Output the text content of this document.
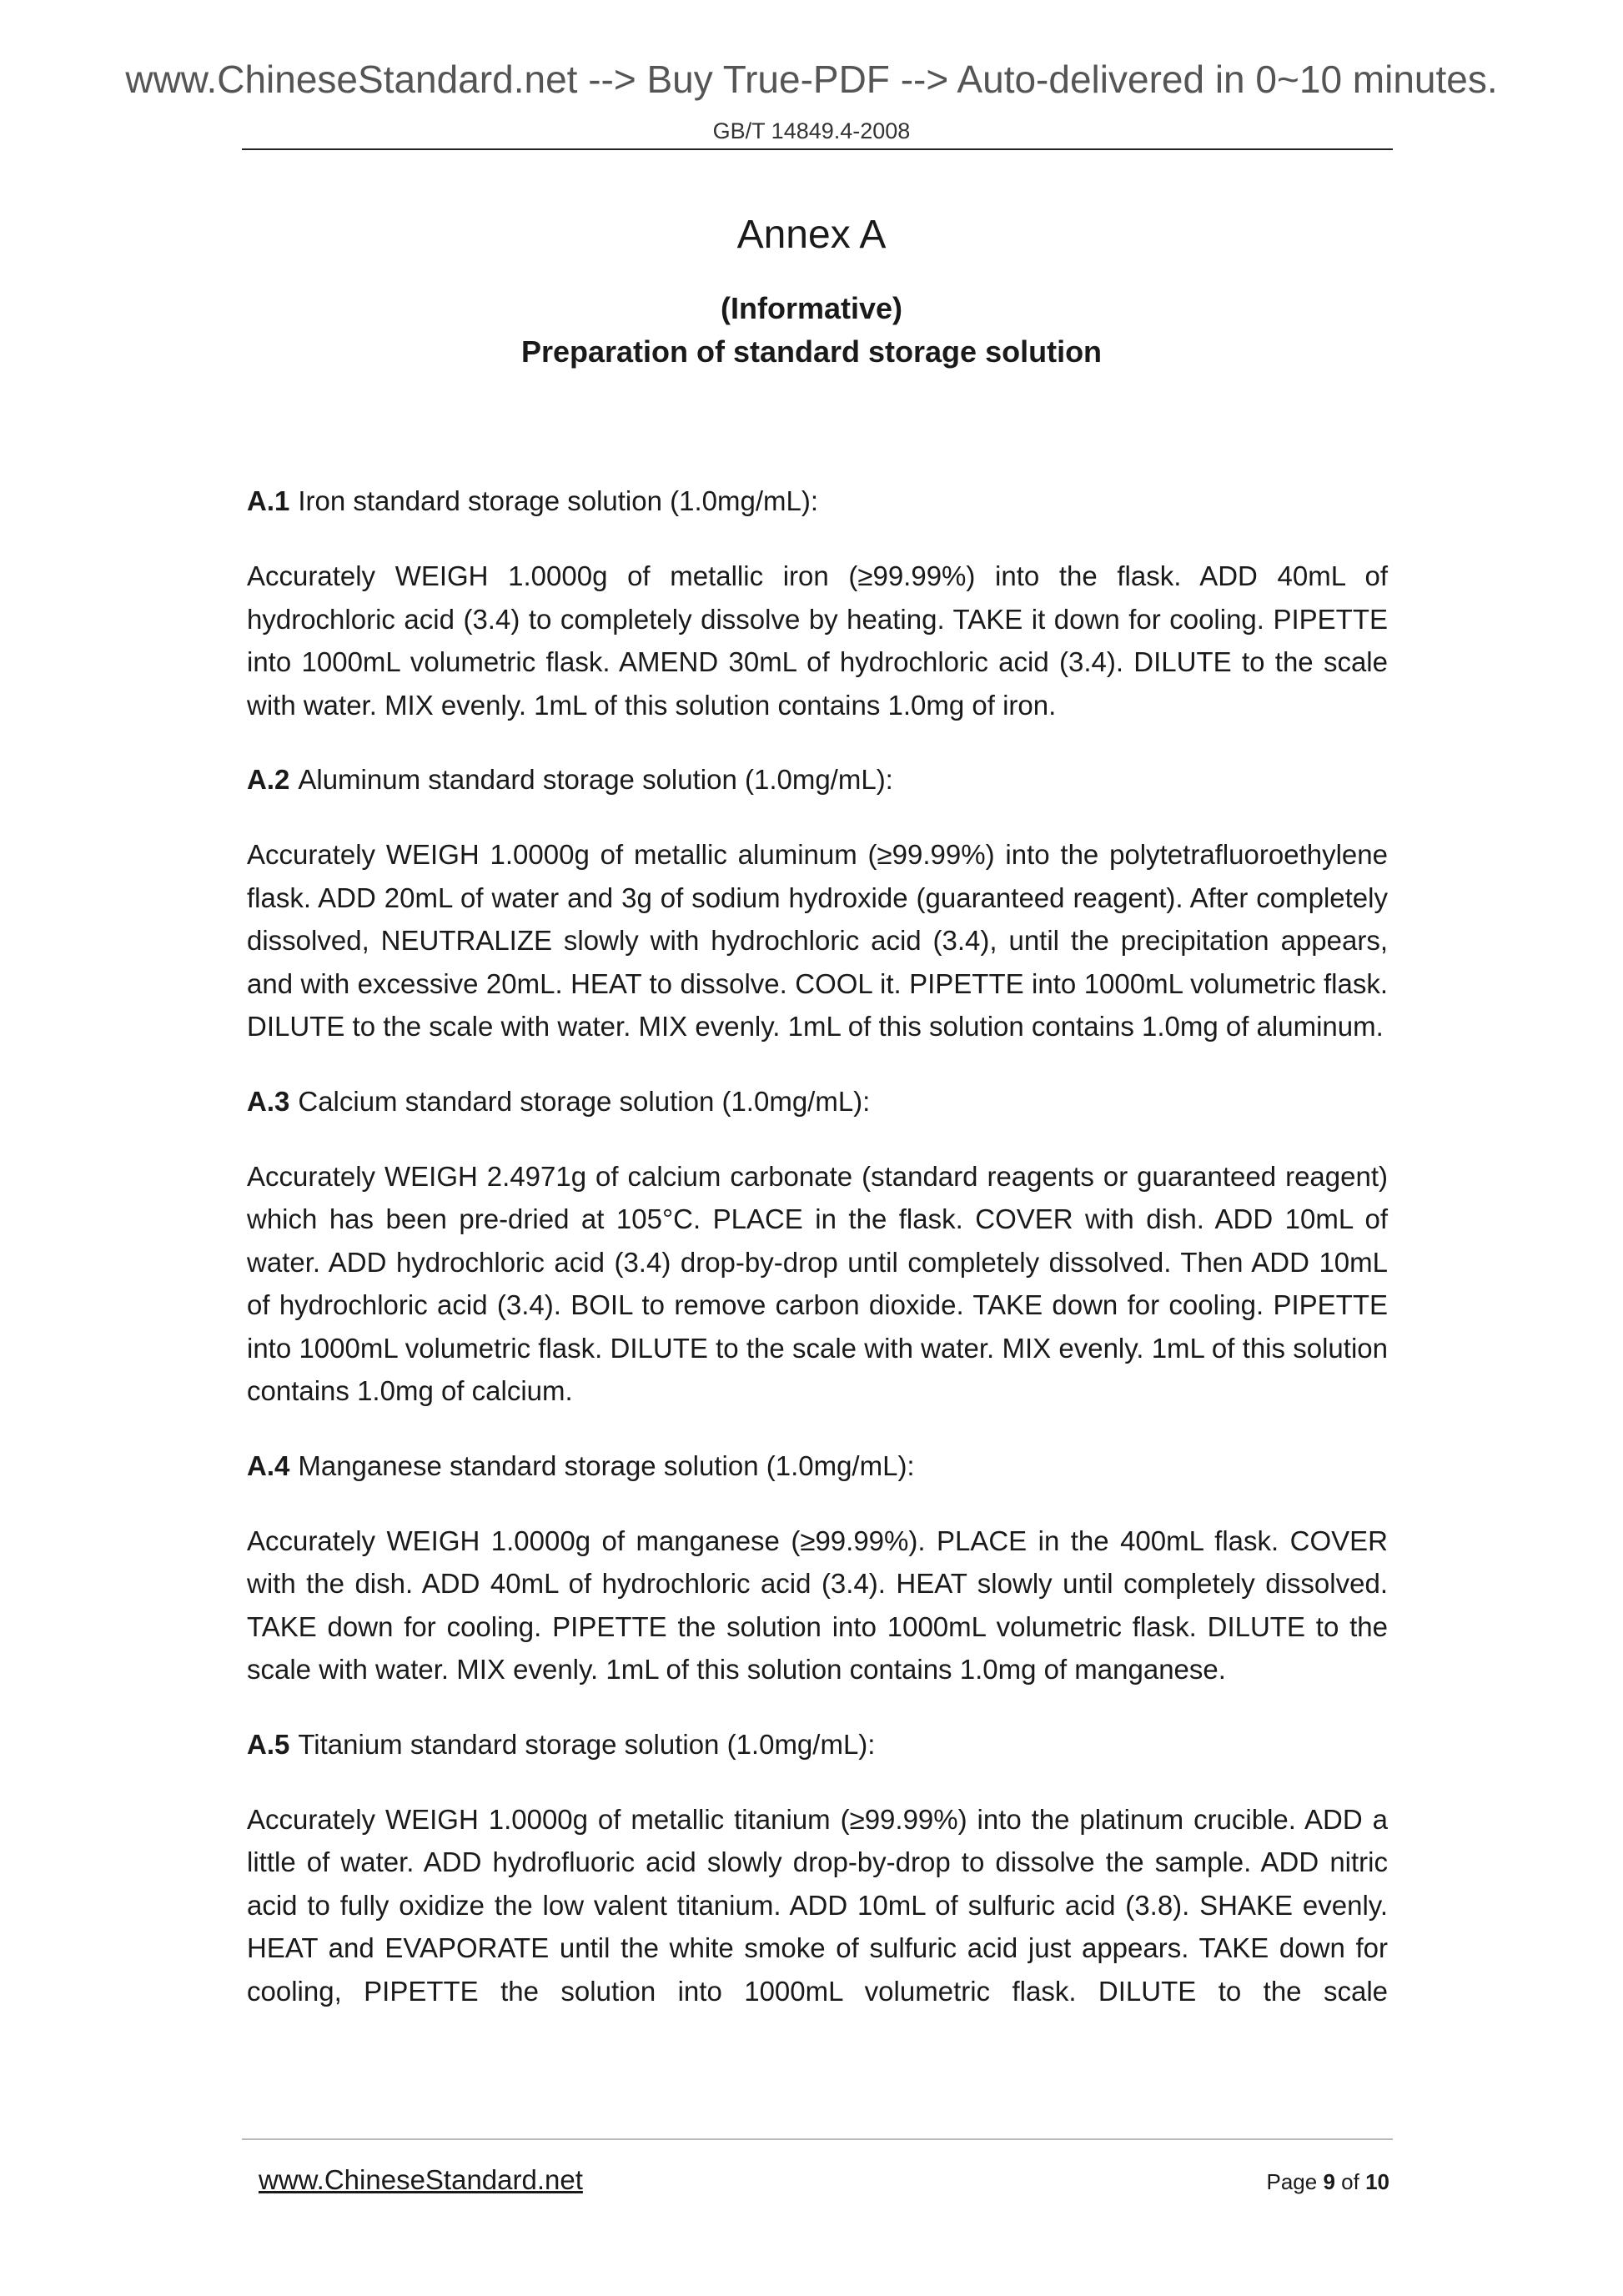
www.ChineseStandard.net --> Buy True-PDF --> Auto-delivered in 0~10 minutes.
GB/T 14849.4-2008
Annex A
(Informative)
Preparation of standard storage solution
A.1 Iron standard storage solution (1.0mg/mL):
Accurately WEIGH 1.0000g of metallic iron (≥99.99%) into the flask. ADD 40mL of hydrochloric acid (3.4) to completely dissolve by heating. TAKE it down for cooling. PIPETTE into 1000mL volumetric flask. AMEND 30mL of hydrochloric acid (3.4). DILUTE to the scale with water. MIX evenly. 1mL of this solution contains 1.0mg of iron.
A.2 Aluminum standard storage solution (1.0mg/mL):
Accurately WEIGH 1.0000g of metallic aluminum (≥99.99%) into the polytetrafluoroethylene flask. ADD 20mL of water and 3g of sodium hydroxide (guaranteed reagent). After completely dissolved, NEUTRALIZE slowly with hydrochloric acid (3.4), until the precipitation appears, and with excessive 20mL. HEAT to dissolve. COOL it. PIPETTE into 1000mL volumetric flask. DILUTE to the scale with water. MIX evenly. 1mL of this solution contains 1.0mg of aluminum.
A.3 Calcium standard storage solution (1.0mg/mL):
Accurately WEIGH 2.4971g of calcium carbonate (standard reagents or guaranteed reagent) which has been pre-dried at 105°C. PLACE in the flask. COVER with dish. ADD 10mL of water. ADD hydrochloric acid (3.4) drop-by-drop until completely dissolved. Then ADD 10mL of hydrochloric acid (3.4). BOIL to remove carbon dioxide. TAKE down for cooling. PIPETTE into 1000mL volumetric flask. DILUTE to the scale with water. MIX evenly. 1mL of this solution contains 1.0mg of calcium.
A.4 Manganese standard storage solution (1.0mg/mL):
Accurately WEIGH 1.0000g of manganese (≥99.99%). PLACE in the 400mL flask. COVER with the dish. ADD 40mL of hydrochloric acid (3.4). HEAT slowly until completely dissolved. TAKE down for cooling. PIPETTE the solution into 1000mL volumetric flask. DILUTE to the scale with water. MIX evenly. 1mL of this solution contains 1.0mg of manganese.
A.5 Titanium standard storage solution (1.0mg/mL):
Accurately WEIGH 1.0000g of metallic titanium (≥99.99%) into the platinum crucible. ADD a little of water. ADD hydrofluoric acid slowly drop-by-drop to dissolve the sample. ADD nitric acid to fully oxidize the low valent titanium. ADD 10mL of sulfuric acid (3.8). SHAKE evenly. HEAT and EVAPORATE until the white smoke of sulfuric acid just appears. TAKE down for cooling, PIPETTE the solution into 1000mL volumetric flask. DILUTE to the scale
www.ChineseStandard.net	Page 9 of 10
